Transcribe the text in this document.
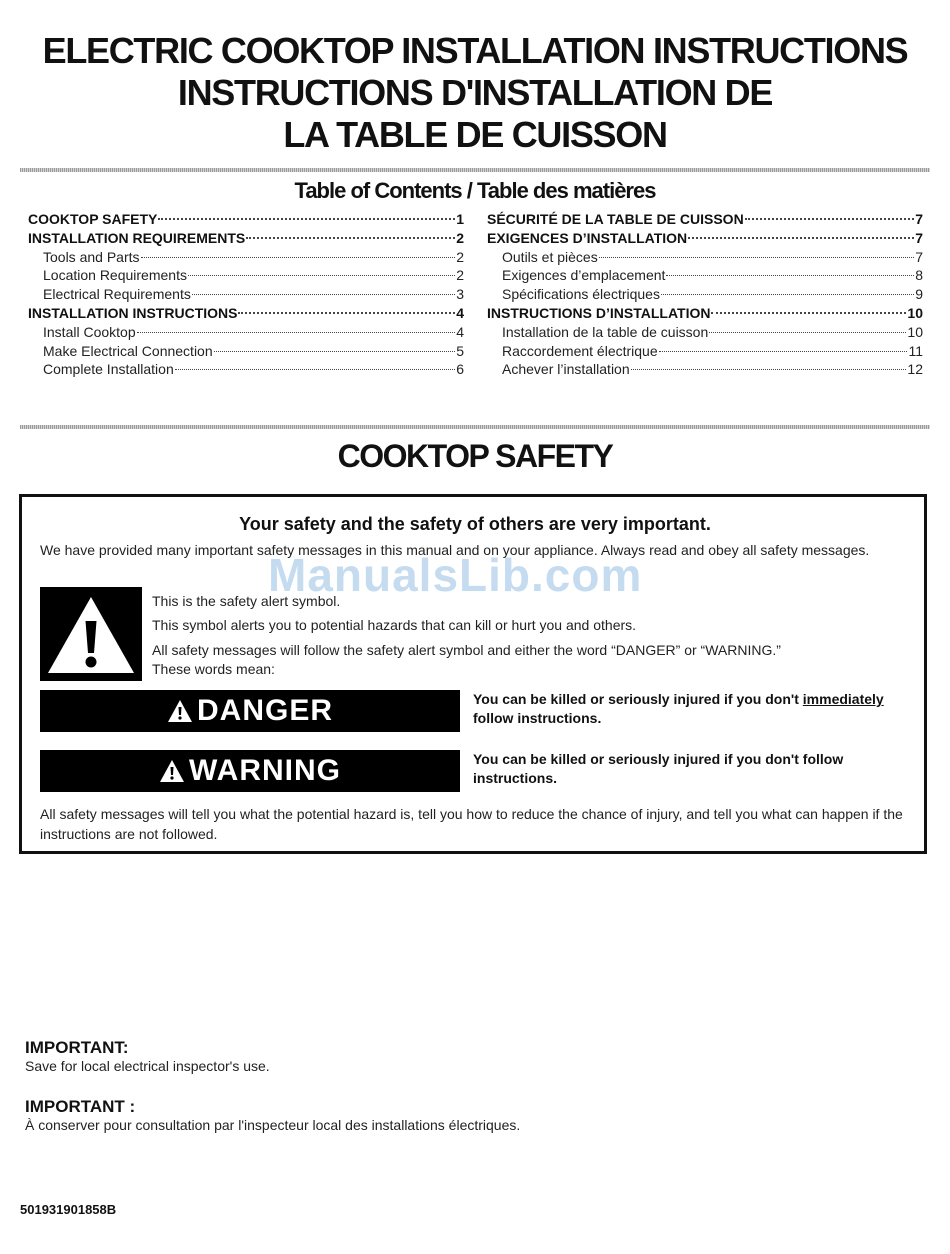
ELECTRIC COOKTOP INSTALLATION INSTRUCTIONS
INSTRUCTIONS D'INSTALLATION DE
LA TABLE DE CUISSON
Table of Contents / Table des matières
COOKTOP SAFETY	1
INSTALLATION REQUIREMENTS	2
Tools and Parts	2
Location Requirements	2
Electrical Requirements	3
INSTALLATION INSTRUCTIONS	4
Install Cooktop	4
Make Electrical Connection	5
Complete Installation	6
SÉCURITÉ DE LA TABLE DE CUISSON	7
EXIGENCES D’INSTALLATION	7
Outils et pièces	7
Exigences d’emplacement	8
Spécifications électriques	9
INSTRUCTIONS D’INSTALLATION	10
Installation de la table de cuisson	10
Raccordement électrique	11
Achever l’installation	12
COOKTOP SAFETY
Your safety and the safety of others are very important.
We have provided many important safety messages in this manual and on your appliance. Always read and obey all safety messages.
ManualsLib.com
This is the safety alert symbol.
This symbol alerts you to potential hazards that can kill or hurt you and others.
All safety messages will follow the safety alert symbol and either the word “DANGER” or “WARNING.”
These words mean:
DANGER	You can be killed or seriously injured if you don't immediately
follow instructions.
WARNING	You can be killed or seriously injured if you don't follow instructions.
All safety messages will tell you what the potential hazard is, tell you how to reduce the chance of injury, and tell you what can happen if the instructions are not followed.
IMPORTANT:
Save for local electrical inspector's use.
IMPORTANT :
À conserver pour consultation par l'inspecteur local des installations électriques.
501931901858B
